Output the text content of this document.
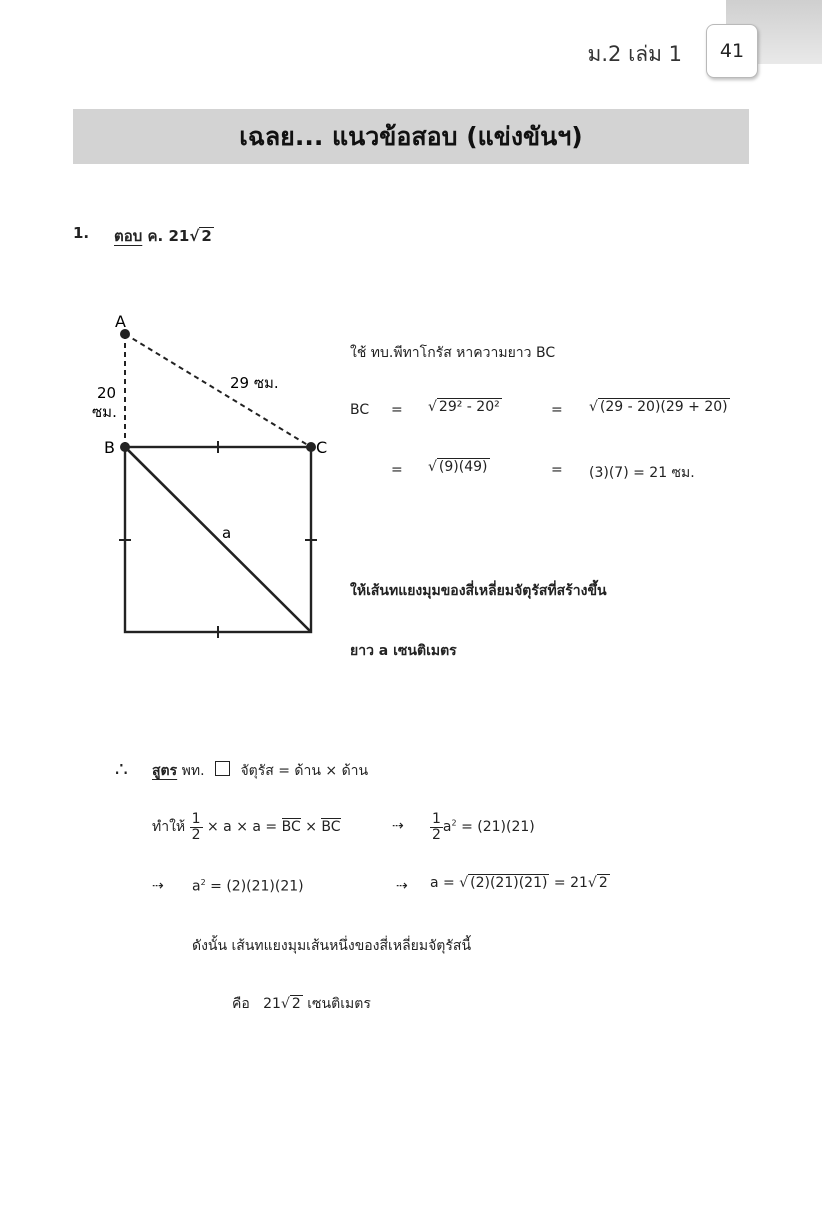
ม.2 เล่ม 1	41
เฉลย... แนวข้อสอบ (แข่งขันฯ)
1. ตอบ ค. 21√ 2
A
B	C
29 ซม.
20
ซม.
a
ใช้ ทบ.พีทาโกรัส หาความยาว BC
BC = √ 29² - 20²	= √ (29 - 20)(29 + 20)
= √ (9)(49)	= (3)(7) = 21 ซม.
ให้เส้นทแยงมุมของสี่เหลี่ยมจัตุรัสที่สร้างขึ้น
ยาว a เซนติเมตร
∴ สูตร พท.	จัตุรัส = ด้าน × ด้าน
ทำให้ $\frac{1}{2} \times a \times a$ = BC × BC	⇢ $\frac{1}{2} a^2 = (21)(21)$
⇢ $a^2 = (2)(21)(21)$	⇢ a = √ (2)(21)(21) = 21√ 2
ดังนั้น เส้นทแยงมุมเส้นหนึ่งของสี่เหลี่ยมจัตุรัสนี้
คือ 21√ 2 เซนติเมตร
